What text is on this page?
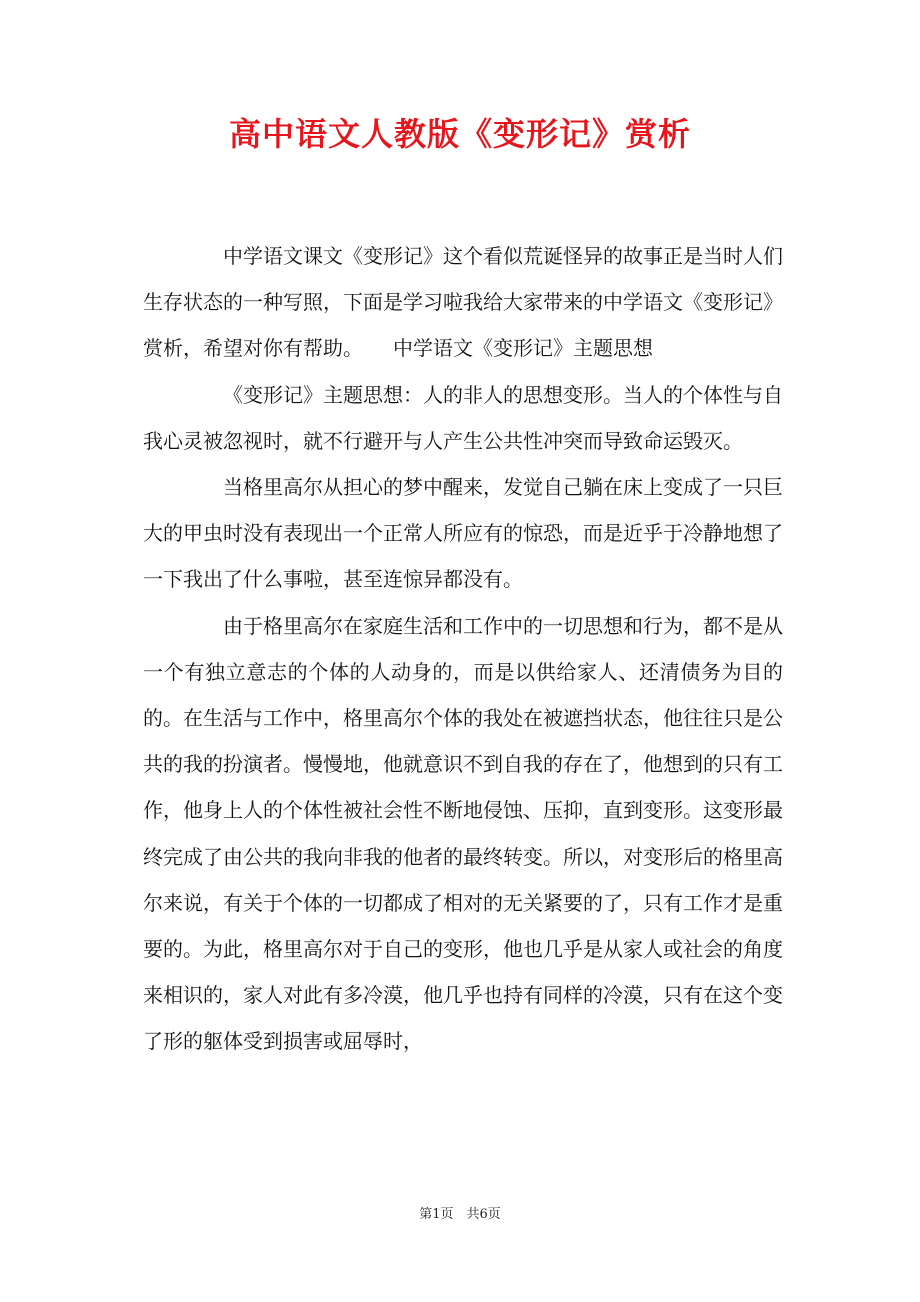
高中语文人教版《变形记》赏析

中学语文课文《变形记》这个看似荒诞怪异的故事正是当时人们生存状态的一种写照，下面是学习啦我给大家带来的中学语文《变形记》赏析，希望对你有帮助。　　中学语文《变形记》主题思想

《变形记》主题思想：人的非人的思想变形。当人的个体性与自我心灵被忽视时，就不行避开与人产生公共性冲突而导致命运毁灭。

当格里高尔从担心的梦中醒来，发觉自己躺在床上变成了一只巨大的甲虫时没有表现出一个正常人所应有的惊恐，而是近乎于冷静地想了一下我出了什么事啦，甚至连惊异都没有。

由于格里高尔在家庭生活和工作中的一切思想和行为，都不是从一个有独立意志的个体的人动身的，而是以供给家人、还清债务为目的的。在生活与工作中，格里高尔个体的我处在被遮挡状态，他往往只是公共的我的扮演者。慢慢地，他就意识不到自我的存在了，他想到的只有工作，他身上人的个体性被社会性不断地侵蚀、压抑，直到变形。这变形最终完成了由公共的我向非我的他者的最终转变。所以，对变形后的格里高尔来说，有关于个体的一切都成了相对的无关紧要的了，只有工作才是重要的。为此，格里高尔对于自己的变形，他也几乎是从家人或社会的角度来相识的，家人对此有多冷漠，他几乎也持有同样的冷漠，只有在这个变了形的躯体受到损害或屈辱时，

第1页　共6页
